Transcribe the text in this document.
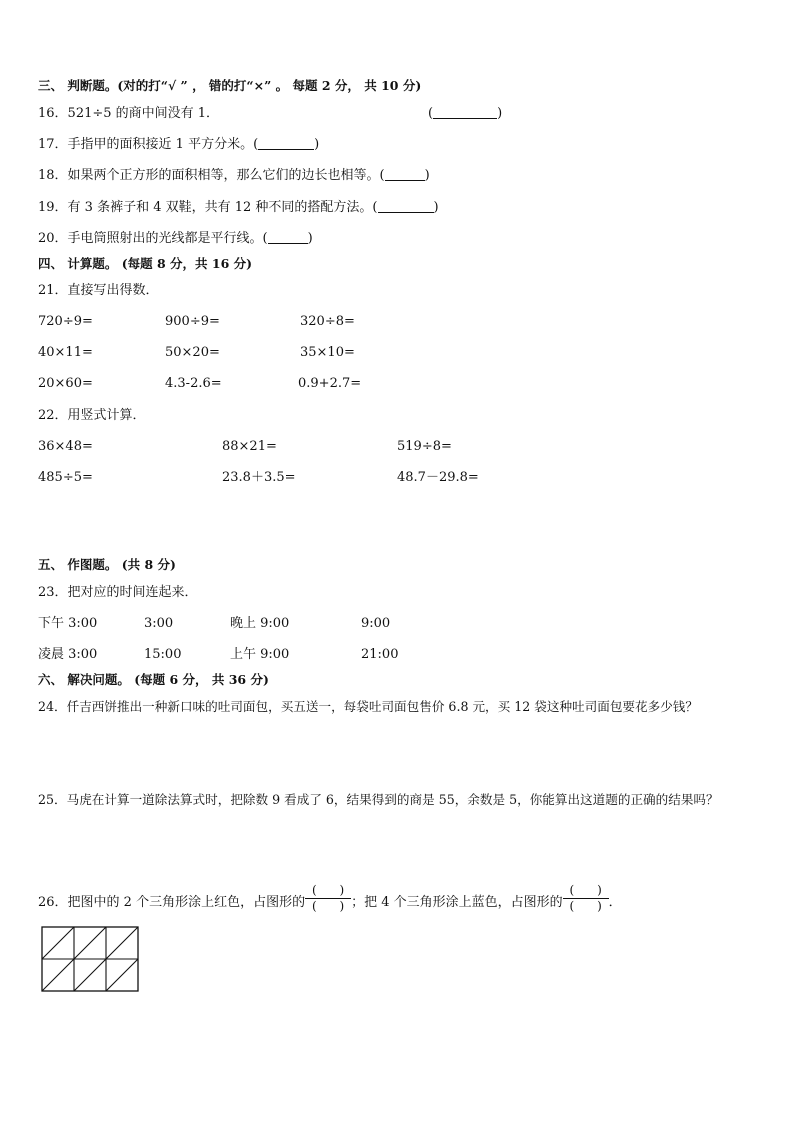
三、 判断题。(对的打“√ ” ， 错的打“×” 。 每题 2 分， 共 10 分)
16．521÷5 的商中间没有 1．	(	)
17．手指甲的面积接近 1 平方分米。(	)
18．如果两个正方形的面积相等，那么它们的边长也相等。(	)
19．有 3 条裤子和 4 双鞋，共有 12 种不同的搭配方法。(	)
20．手电筒照射出的光线都是平行线。(	)
四、 计算题。 (每题 8 分，共 16 分)
21．直接写出得数．
720÷9=	900÷9=	320÷8=
40×11=	50×20=	35×10=
20×60=	4.3-2.6=	0.9+2.7=
22．用竖式计算．
36×48=	88×21=	519÷8=
485÷5=	23.8＋3.5=	48.7－29.8=
五、 作图题。 (共 8 分)
23．把对应的时间连起来．
下午 3:00	3:00	晚上 9:00	9:00
凌晨 3:00	15:00	上午 9:00	21:00
六、 解决问题。 (每题 6 分， 共 36 分)
24．仟吉西饼推出一种新口味的吐司面包，买五送一，每袋吐司面包售价 6.8 元，买 12 袋这种吐司面包要花多少钱？
25．马虎在计算一道除法算式时，把除数 9 看成了 6，结果得到的商是 55，余数是 5，你能算出这道题的正确的结果吗？
26．把图中的 2 个三角形涂上红色，占图形的 $\frac{( )}{( )}$ ；把 4 个三角形涂上蓝色，占图形的 $\frac{( )}{( )}$ ．
